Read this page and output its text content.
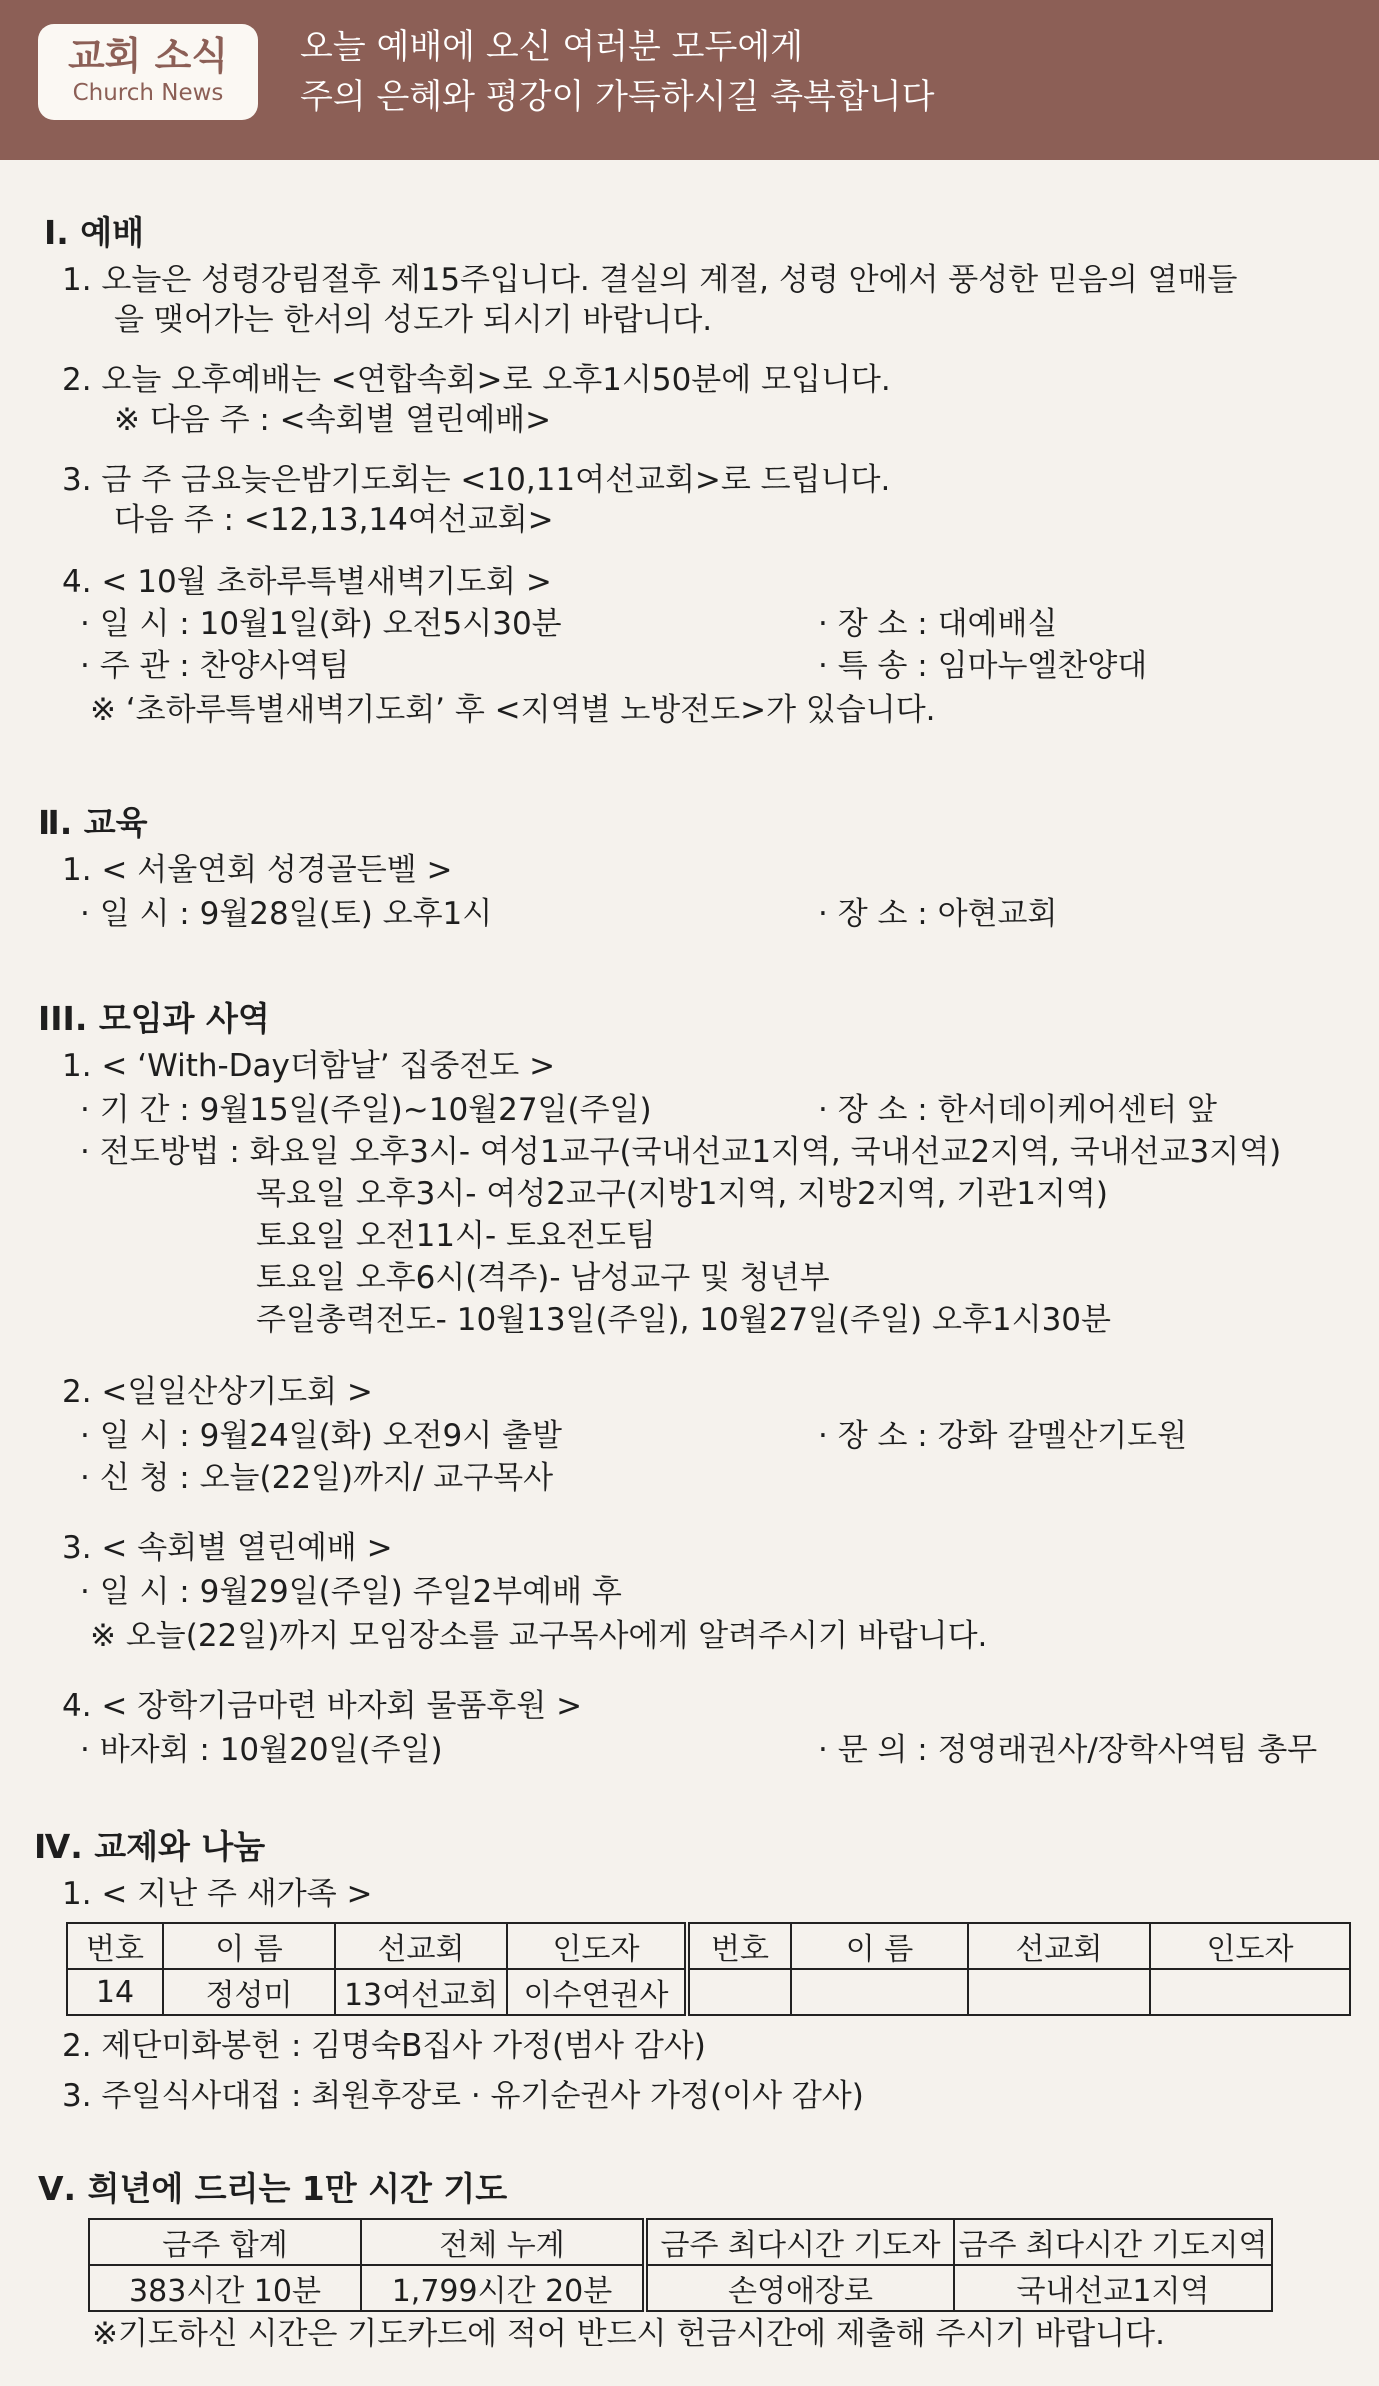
교회 소식
Church News
오늘 예배에 오신 여러분 모두에게
주의 은혜와 평강이 가득하시길 축복합니다
Ⅰ. 예배
1. 오늘은 성령강림절후 제15주입니다. 결실의 계절, 성령 안에서 풍성한 믿음의 열매들
을 맺어가는 한서의 성도가 되시기 바랍니다.
2. 오늘 오후예배는 <연합속회>로 오후1시50분에 모입니다.
※ 다음 주 : <속회별 열린예배>
3. 금 주 금요늦은밤기도회는 <10,11여선교회>로 드립니다.
다음 주 : <12,13,14여선교회>
4. < 10월 초하루특별새벽기도회 >
· 일 시 : 10월1일(화) 오전5시30분	· 장 소 : 대예배실
· 주 관 : 찬양사역팀	· 특 송 : 임마누엘찬양대
※ ‘초하루특별새벽기도회’ 후 <지역별 노방전도>가 있습니다.
Ⅱ. 교육
1. < 서울연회 성경골든벨 >
· 일 시 : 9월28일(토) 오후1시	· 장 소 : 아현교회
III. 모임과 사역
1. < ‘With-Day더함날’ 집중전도 >
· 기 간 : 9월15일(주일)~10월27일(주일)	· 장 소 : 한서데이케어센터 앞
· 전도방법 : 화요일 오후3시- 여성1교구(국내선교1지역, 국내선교2지역, 국내선교3지역)
목요일 오후3시- 여성2교구(지방1지역, 지방2지역, 기관1지역)
토요일 오전11시- 토요전도팀
토요일 오후6시(격주)- 남성교구 및 청년부
주일총력전도- 10월13일(주일), 10월27일(주일) 오후1시30분
2. <일일산상기도회 >
· 일 시 : 9월24일(화) 오전9시 출발	· 장 소 : 강화 갈멜산기도원
· 신 청 : 오늘(22일)까지/ 교구목사
3. < 속회별 열린예배 >
· 일 시 : 9월29일(주일) 주일2부예배 후
※ 오늘(22일)까지 모임장소를 교구목사에게 알려주시기 바랍니다.
4. < 장학기금마련 바자회 물품후원 >
· 바자회 : 10월20일(주일)	· 문 의 : 정영래권사/장학사역팀 총무
Ⅳ. 교제와 나눔
1. < 지난 주 새가족 >
번호	이 름	선교회	인도자	번호	이 름	선교회	인도자
14	정성미	13여선교회	이수연권사				
2. 제단미화봉헌 : 김명숙B집사 가정(범사 감사)
3. 주일식사대접 : 최원후장로 · 유기순권사 가정(이사 감사)
Ⅴ. 희년에 드리는 1만 시간 기도
금주 합계	전체 누계	금주 최다시간 기도자	금주 최다시간 기도지역
383시간 10분	1,799시간 20분	손영애장로	국내선교1지역
※기도하신 시간은 기도카드에 적어 반드시 헌금시간에 제출해 주시기 바랍니다.
